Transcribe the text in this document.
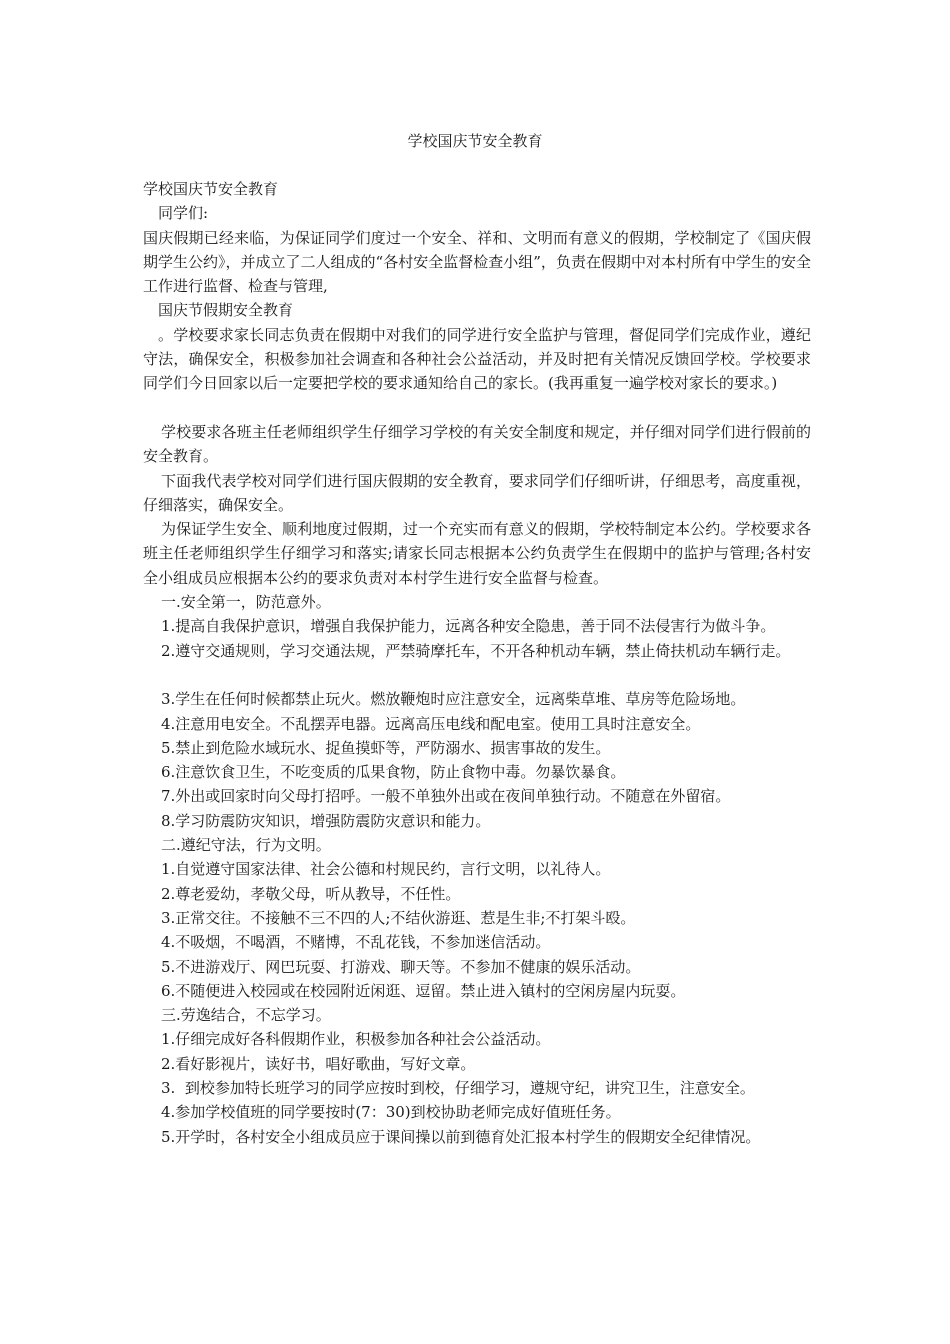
学校国庆节安全教育

学校国庆节安全教育

同学们:

国庆假期已经来临，为保证同学们度过一个安全、祥和、文明而有意义的假期，学校制定了《国庆假期学生公约》，并成立了二人组成的“各村安全监督检查小组”，负责在假期中对本村所有中学生的安全工作进行监督、检查与管理,

国庆节假期安全教育

。学校要求家长同志负责在假期中对我们的同学进行安全监护与管理，督促同学们完成作业，遵纪守法，确保安全，积极参加社会调查和各种社会公益活动，并及时把有关情况反馈回学校。学校要求同学们今日回家以后一定要把学校的要求通知给自己的家长。(我再重复一遍学校对家长的要求。)

学校要求各班主任老师组织学生仔细学习学校的有关安全制度和规定，并仔细对同学们进行假前的安全教育。

下面我代表学校对同学们进行国庆假期的安全教育，要求同学们仔细听讲，仔细思考，高度重视，仔细落实，确保安全。

为保证学生安全、顺利地度过假期，过一个充实而有意义的假期，学校特制定本公约。学校要求各班主任老师组织学生仔细学习和落实;请家长同志根据本公约负责学生在假期中的监护与管理;各村安全小组成员应根据本公约的要求负责对本村学生进行安全监督与检查。

一.安全第一，防范意外。

1.提高自我保护意识，增强自我保护能力，远离各种安全隐患，善于同不法侵害行为做斗争。

2.遵守交通规则，学习交通法规，严禁骑摩托车，不开各种机动车辆，禁止倚扶机动车辆行走。

3.学生在任何时候都禁止玩火。燃放鞭炮时应注意安全，远离柴草堆、草房等危险场地。

4.注意用电安全。不乱摆弄电器。远离高压电线和配电室。使用工具时注意安全。

5.禁止到危险水域玩水、捉鱼摸虾等，严防溺水、损害事故的发生。

6.注意饮食卫生，不吃变质的瓜果食物，防止食物中毒。勿暴饮暴食。

7.外出或回家时向父母打招呼。一般不单独外出或在夜间单独行动。不随意在外留宿。

8.学习防震防灾知识，增强防震防灾意识和能力。

二.遵纪守法，行为文明。

1.自觉遵守国家法律、社会公德和村规民约，言行文明，以礼待人。

2.尊老爱幼，孝敬父母，听从教导，不任性。

3.正常交往。不接触不三不四的人;不结伙游逛、惹是生非;不打架斗殴。

4.不吸烟，不喝酒，不赌博，不乱花钱，不参加迷信活动。

5.不进游戏厅、网巴玩耍、打游戏、聊天等。不参加不健康的娱乐活动。

6.不随便进入校园或在校园附近闲逛、逗留。禁止进入镇村的空闲房屋内玩耍。

三.劳逸结合，不忘学习。

1.仔细完成好各科假期作业，积极参加各种社会公益活动。

2.看好影视片，读好书，唱好歌曲，写好文章。

3.  到校参加特长班学习的同学应按时到校，仔细学习，遵规守纪，讲究卫生，注意安全。

4.参加学校值班的同学要按时(7：30)到校协助老师完成好值班任务。

5.开学时，各村安全小组成员应于课间操以前到德育处汇报本村学生的假期安全纪律情况。
